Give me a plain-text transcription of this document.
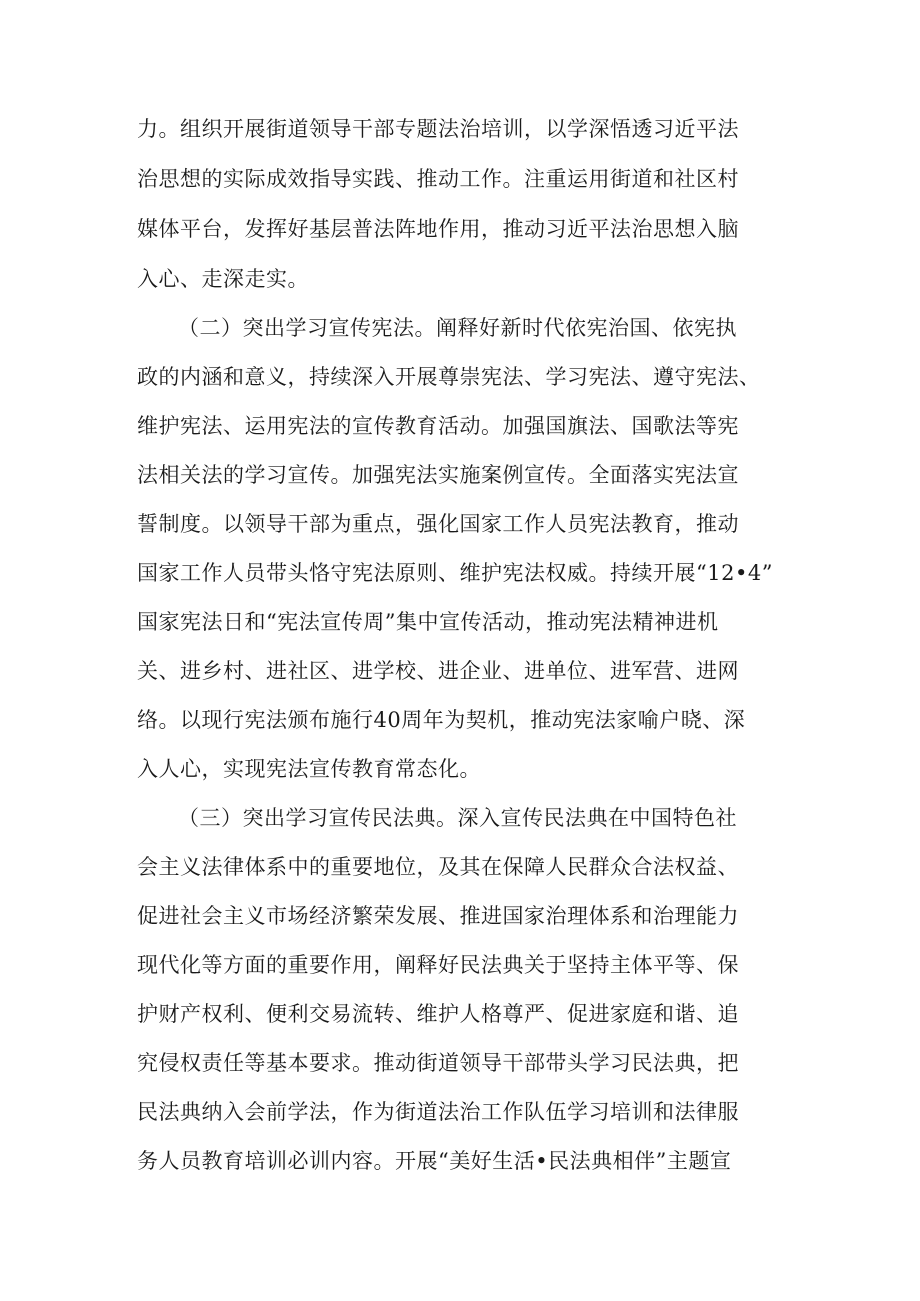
力。组织开展街道领导干部专题法治培训，以学深悟透习近平法
治思想的实际成效指导实践、推动工作。注重运用街道和社区村
媒体平台，发挥好基层普法阵地作用，推动习近平法治思想入脑
入心、走深走实。
（二）突出学习宣传宪法。阐释好新时代依宪治国、依宪执
政的内涵和意义，持续深入开展尊崇宪法、学习宪法、遵守宪法、
维护宪法、运用宪法的宣传教育活动。加强国旗法、国歌法等宪
法相关法的学习宣传。加强宪法实施案例宣传。全面落实宪法宣
誓制度。以领导干部为重点，强化国家工作人员宪法教育，推动
国家工作人员带头恪守宪法原则、维护宪法权威。持续开展“12•4”
国家宪法日和“宪法宣传周”集中宣传活动，推动宪法精神进机
关、进乡村、进社区、进学校、进企业、进单位、进军营、进网
络。以现行宪法颁布施行40周年为契机，推动宪法家喻户晓、深
入人心，实现宪法宣传教育常态化。
（三）突出学习宣传民法典。深入宣传民法典在中国特色社
会主义法律体系中的重要地位，及其在保障人民群众合法权益、
促进社会主义市场经济繁荣发展、推进国家治理体系和治理能力
现代化等方面的重要作用，阐释好民法典关于坚持主体平等、保
护财产权利、便利交易流转、维护人格尊严、促进家庭和谐、追
究侵权责任等基本要求。推动街道领导干部带头学习民法典，把
民法典纳入会前学法，作为街道法治工作队伍学习培训和法律服
务人员教育培训必训内容。开展“美好生活•民法典相伴”主题宣
